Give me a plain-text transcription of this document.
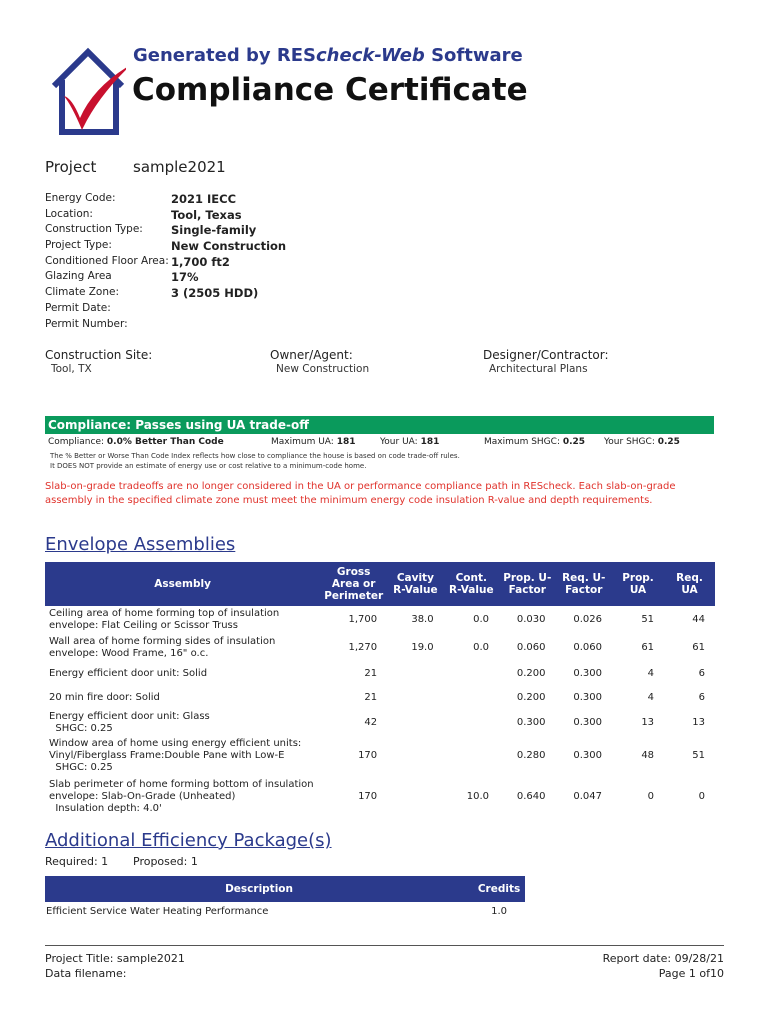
Generated by REScheck-Web Software
Compliance Certificate
Project sample2021
Energy Code:	2021 IECC
Location:	Tool, Texas
Construction Type:	Single-family
Project Type:	New Construction
Conditioned Floor Area: 1,700 ft2
Glazing Area	17%
Climate Zone:	3 (2505 HDD)
Permit Date:
Permit Number:
Construction Site:
Tool, TX
Owner/Agent:
New Construction
Designer/Contractor:
Architectural Plans
Compliance: Passes using UA trade-off
Compliance: 0.0% Better Than Code	Maximum UA: 181	Your UA: 181	Maximum SHGC: 0.25 Your SHGC: 0.25
The % Better or Worse Than Code Index reflects how close to compliance the house is based on code trade-off rules.
It DOES NOT provide an estimate of energy use or cost relative to a minimum-code home.
Slab-on-grade tradeoffs are no longer considered in the UA or performance compliance path in REScheck. Each slab-on-grade assembly in the specified climate zone must meet the minimum energy code insulation R-value and depth requirements.
Envelope Assemblies
Assembly	Gross Area or Perimeter	Cavity R-Value	Cont. R-Value	Prop. U-Factor	Req. U-Factor	Prop. UA	Req. UA

Ceiling area of home forming top of insulation
envelope: Flat Ceiling or Scissor Truss	1,700	38.0	0.0	0.030	0.026	51	44

Wall area of home forming sides of insulation
envelope: Wood Frame, 16" o.c.	1,270	19.0	0.0	0.060	0.060	61	61

Energy efficient door unit: Solid	21			0.200	0.300	4	6

20 min fire door: Solid	21			0.200	0.300	4	6

Energy efficient door unit: Glass
SHGC: 0.25	42			0.300	0.300	13	13

Window area of home using energy efficient units:
Vinyl/Fiberglass Frame:Double Pane with Low-E
SHGC: 0.25	170			0.280	0.300	48	51

Slab perimeter of home forming bottom of insulation
envelope: Slab-On-Grade (Unheated)
Insulation depth: 4.0'	170		10.0	0.640	0.047	0	0
Additional Efficiency Package(s)
Required: 1 Proposed: 1
Description	Credits
Efficient Service Water Heating Performance	1.0
Project Title: sample2021
Data filename:
Report date: 09/28/21
Page 1 of10
